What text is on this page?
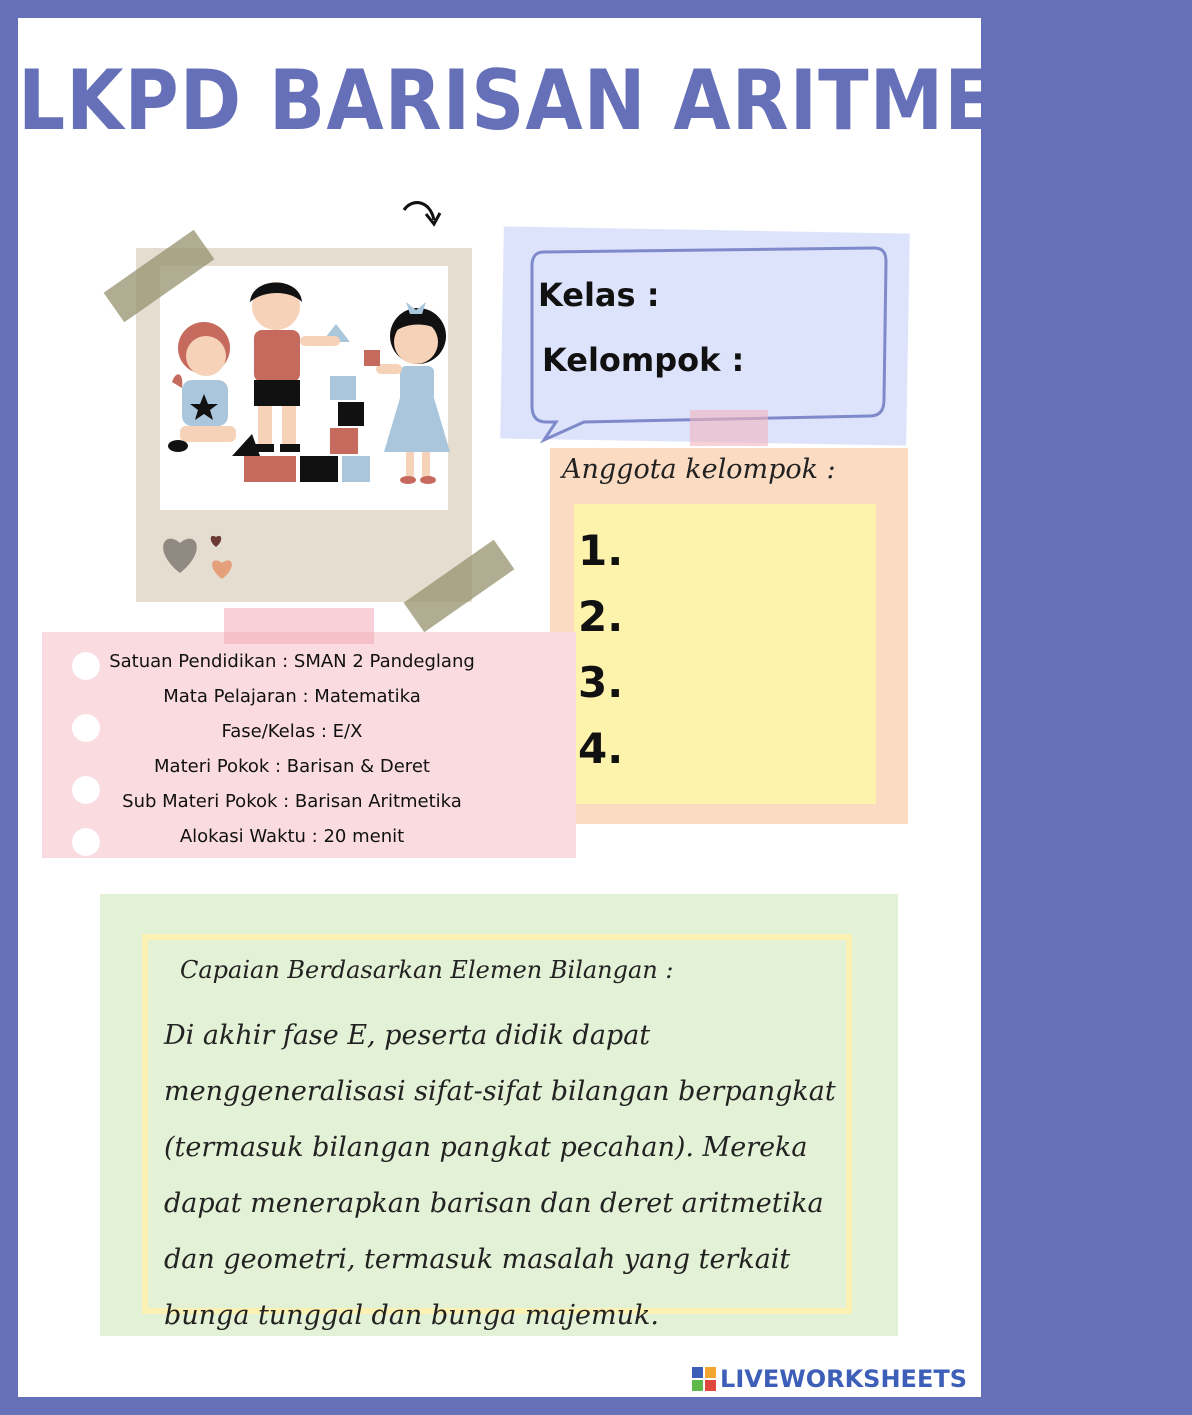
LKPD BARISAN ARITMETIKA
Kelas :
Kelompok :
Anggota kelompok :
1.
2.
3.
4.
Satuan Pendidikan : SMAN 2 Pandeglang
Mata Pelajaran : Matematika
Fase/Kelas : E/X
Materi Pokok : Barisan & Deret
Sub Materi Pokok : Barisan Aritmetika
Alokasi Waktu : 20 menit
Capaian Berdasarkan Elemen Bilangan :
Di akhir fase E, peserta didik dapat menggeneralisasi sifat-sifat bilangan berpangkat (termasuk bilangan pangkat pecahan). Mereka dapat menerapkan barisan dan deret aritmetika dan geometri, termasuk masalah yang terkait bunga tunggal dan bunga majemuk.
LIVEWORKSHEETS
